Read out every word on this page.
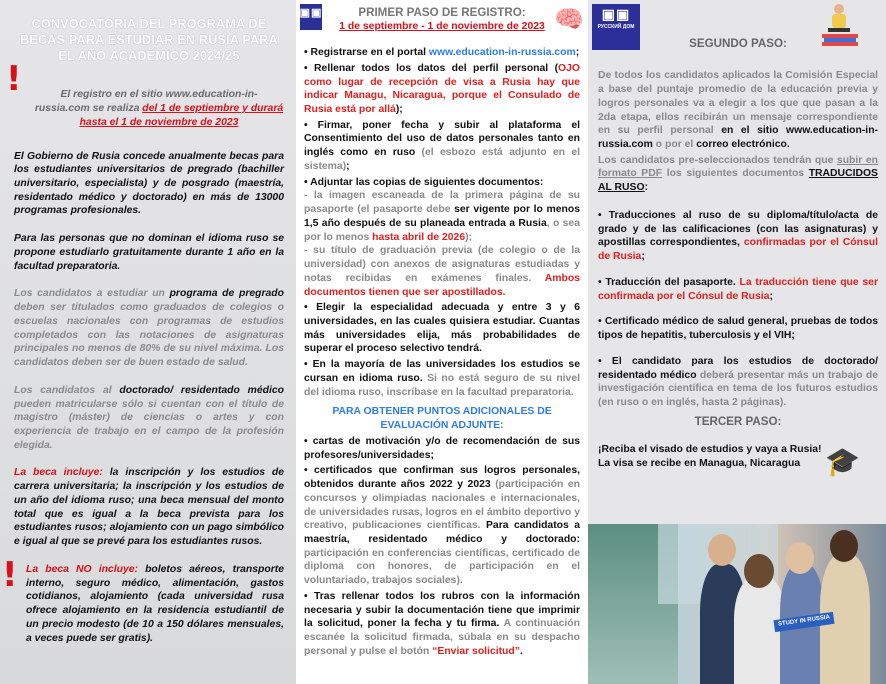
CONVOCATORIA DEL PROGRAMA DE BECAS PARA ESTUDIAR EN RUSIA PARA EL AÑO ACADÉMICO 2024/25
!	El registro en el sitio www.education-in-russia.com se realiza del 1 de septiembre y durará hasta el 1 de noviembre de 2023

El Gobierno de Rusia concede anualmente becas para los estudiantes universitarios de pregrado (bachiller universitario, especialista) y de posgrado (maestría, residentado médico y doctorado) en más de 13000 programas profesionales.

Para las personas que no dominan el idioma ruso se propone estudiarlo gratuitamente durante 1 año en la facultad preparatoria.

Los candidatos a estudiar un programa de pregrado deben ser titulados como graduados de colegios o escuelas nacionales con programas de estudios completados con las notaciones de asignaturas principales no menos de 80% de su nivel máxima. Los candidatos deben ser de buen estado de salud.

Los candidatos al doctorado/ residentado médico pueden matricularse sólo si cuentan con el título de magistro (máster) de ciencias o artes y con experiencia de trabajo en el campo de la profesión elegida.

La beca incluye: la inscripción y los estudios de carrera universitaria; la inscripción y los estudios de un año del idioma ruso; una beca mensual del monto total que es igual a la beca prevista para los estudiantes rusos; alojamiento con un pago simbólico e igual al que se prevé para los estudiantes rusos.

! La beca NO incluye: boletos aéreos, transporte interno, seguro médico, alimentación, gastos cotidianos, alojamiento (cada universidad rusa ofrece alojamiento en la residencia estudiantil de un precio modesto (de 10 a 150 dólares mensuales, a veces puede ser gratis).

▣▣	🧠
PRIMER PASO DE REGISTRO:
1 de septiembre - 1 de noviembre de 2023
• Registrarse en el portal www.education-in-russia.com;
• Rellenar todos los datos del perfil personal (OJO como lugar de recepción de visa a Rusia hay que indicar Managu, Nicaragua, porque el Consulado de Rusia está por allá);
• Firmar, poner fecha y subir al plataforma el Consentimiento del uso de datos personales tanto en inglés como en ruso (el esbozo está adjunto en el sistema);
• Adjuntar las copias de siguientes documentos:
- la imagen escaneada de la primera página de su pasaporte (el pasaporte debe ser vigente por lo menos 1,5 año después de su planeada entrada a Rusia, o sea por lo menos hasta abril de 2026);
- su título de graduación previa (de colegio o de la universidad) con anexos de asignaturas estudiadas y notas recibidas en exámenes finales. Ambos documentos tienen que ser apostillados.
• Elegir la especialidad adecuada y entre 3 y 6 universidades, en las cuales quisiera estudiar. Cuantas más universidades elija, más probabilidades de superar el proceso selectivo tendrá.
• En la mayoría de las universidades los estudios se cursan en idioma ruso. Si no está seguro de su nivel del idioma ruso, inscríbase en la facultad preparatoria.
PARA OBTENER PUNTOS ADICIONALES DE EVALUACIÓN ADJUNTE:
• cartas de motivación y/o de recomendación de sus profesores/universidades;
• certificados que confirman sus logros personales, obtenidos durante años 2022 y 2023 (participación en concursos y olimpiadas nacionales e internacionales, de universidades rusas, logros en el ámbito deportivo y creativo, publicaciones científicas. Para candidatos a maestría, residentado médico y doctorado: participación en conferencias científicas, certificado de diploma con honores, de participación en el voluntariado, trabajos sociales).
• Tras rellenar todos los rubros con la información necesaria y subir la documentación tiene que imprimir la solicitud, poner la fecha y tu firma. A continuación escanée la solicitud firmada, súbala en su despacho personal y pulse el botón “Enviar solicitud”.
▣▣
РУССКИЙ ДОМ
SEGUNDO PASO:

De todos los candidatos aplicados la Comisión Especial a base del puntaje promedio de la educación previa y logros personales va a elegir a los que que pasan a la 2da etapa, ellos recibirán un mensaje correspondiente en su perfil personal en el sitio www.education-in-russia.com o por el correo electrónico.

Los candidatos pre-seleccionados tendrán que subir en formato PDF los siguientes documentos TRADUCIDOS AL RUSO:

• Traducciones al ruso de su diploma/título/acta de grado y de las calificaciones (con las asignaturas) y apostillas correspondientes, confirmadas por el Cónsul de Rusia;

• Traducción del pasaporte. La traducción tiene que ser confirmada por el Cónsul de Rusia;

• Certificado médico de salud general, pruebas de todos tipos de hepatitis, tuberculosis y el VIH;

• El candidato para los estudios de doctorado/ residentado médico deberá presentar más un trabajo de investigación científica en tema de los futuros estudios (en ruso o en inglés, hasta 2 páginas).

TERCER PASO:
🎓
¡Reciba el visado de estudios y vaya a Rusia!
La visa se recibe en Managua, Nicaragua
STUDY IN RUSSIA
